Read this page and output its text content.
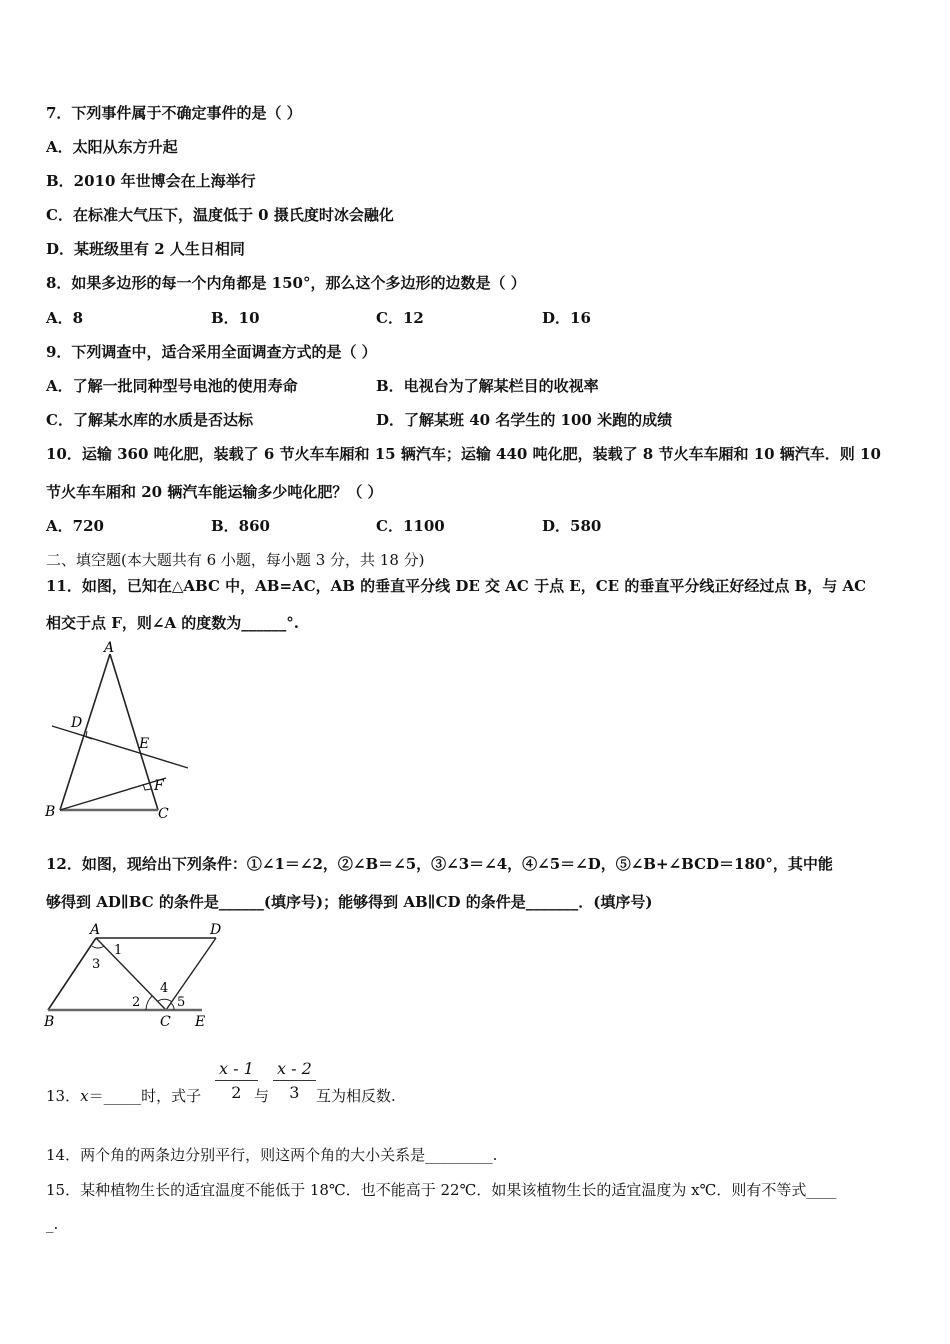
7．下列事件属于不确定事件的是（ ）
A．太阳从东方升起
B．2010 年世博会在上海举行
C．在标准大气压下，温度低于 0 摄氏度时冰会融化
D．某班级里有 2 人生日相同
8．如果多边形的每一个内角都是 150°，那么这个多边形的边数是（ ）
A．8	B．10	C．12	D．16
9．下列调查中，适合采用全面调查方式的是（ ）
A．了解一批同种型号电池的使用寿命	B．电视台为了解某栏目的收视率
C．了解某水库的水质是否达标	D．了解某班 40 名学生的 100 米跑的成绩
10．运输 360 吨化肥，装载了 6 节火车车厢和 15 辆汽车；运输 440 吨化肥，装载了 8 节火车车厢和 10 辆汽车．则 10
节火车车厢和 20 辆汽车能运输多少吨化肥？（ ）
A．720	B．860	C．1100	D．580
二、填空题(本大题共有 6 小题，每小题 3 分，共 18 分)
11．如图，已知在△ABC 中，AB=AC，AB 的垂直平分线 DE 交 AC 于点 E，CE 的垂直平分线正好经过点 B，与 AC
相交于点 F，则∠A 的度数为______°.
A
D
E
F
B	C
12．如图，现给出下列条件：①∠1＝∠2，②∠B＝∠5，③∠3＝∠4，④∠5＝∠D，⑤∠B+∠BCD＝180°，其中能
够得到 AD∥BC 的条件是______(填序号)；能够得到 AB∥CD 的条件是_______．(填序号)
A	D
B	C E
1
3
2
4
5
13．x＝_____时，式子 $\frac{x - 1}{2}$
与 $\frac{x - 2}{3}$ 互为相反数.
14．两个角的两条边分别平行，则这两个角的大小关系是_________.
15．某种植物生长的适宜温度不能低于 18℃．也不能高于 22℃．如果该植物生长的适宜温度为 x℃．则有不等式____
_.
